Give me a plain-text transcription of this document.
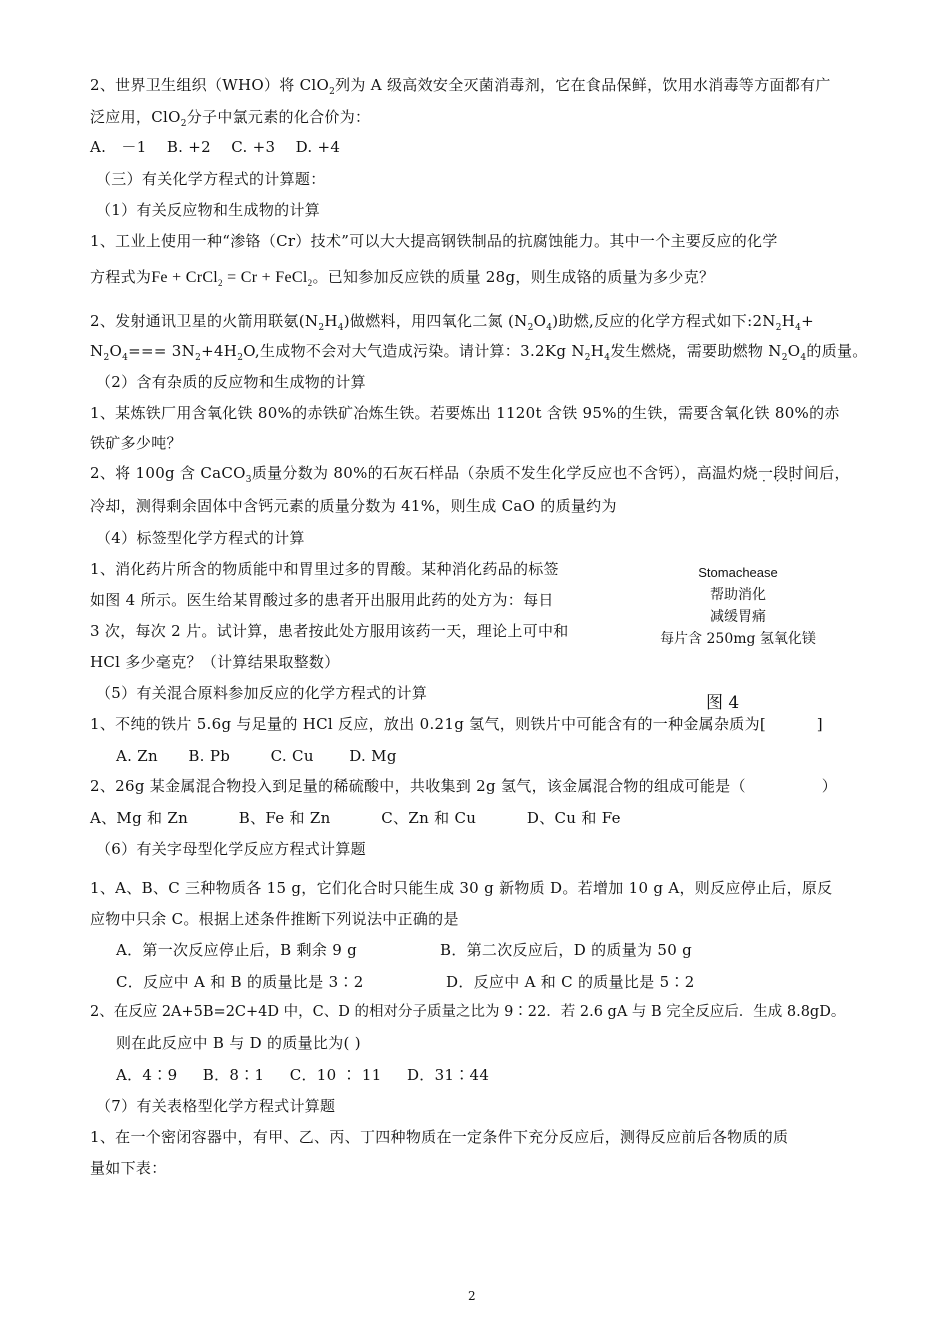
2、世界卫生组织（WHO）将 ClO$_2$列为 A 级高效安全灭菌消毒剂，它在食品保鲜，饮用水消毒等方面都有广
泛应用，ClO$_2$分子中氯元素的化合价为：
A.   －1    B. +2    C. +3    D. +4
（三）有关化学方程式的计算题：
（1）有关反应物和生成物的计算
1、工业上使用一种“渗铬（Cr）技术”可以大大提高钢铁制品的抗腐蚀能力。其中一个主要反应的化学
方程式为Fe + CrCl$_2$ = Cr + FeCl$_2$。已知参加反应铁的质量 28g，则生成铬的质量为多少克？
2、发射通讯卫星的火箭用联氨$(N_2H_4)$做燃料，用四氧化二氮 $(N_2O_4)$助燃,反应的化学方程式如下$:2N_2H_4+$
$N_2O_4=== 3N_2+4H_2O$,生成物不会对大气造成污染。请计算：3.2Kg $N_2H_4$发生燃烧，需要助燃物 $N_2O_4$的质量。
（2）含有杂质的反应物和生成物的计算
1、某炼铁厂用含氧化铁 80%的赤铁矿冶炼生铁。若要炼出 1120t 含铁 95%的生铁，需要含氧化铁 80%的赤
铁矿多少吨？
2、将 100g 含 CaCO$_3$质量分数为 80%的石灰石样品（杂质不发生化学反应也不含钙），高温灼烧一段时间 · · ·后，
冷却，测得剩余固体中含钙元素的质量分数为 41%，则生成 CaO 的质量约为
（4）标签型化学方程式的计算
1、消化药片所含的物质能中和胃里过多的胃酸。某种消化药品的标签
如图 4 所示。医生给某胃酸过多的患者开出服用此药的处方为：每日
3 次，每次 2 片。试计算，患者按此处方服用该药一天，理论上可中和
HCl 多少毫克？（计算结果取整数）
Stomachease
帮助消化
减缓胃痛
每片含 250mg 氢氧化镁
（5）有关混合原料参加反应的化学方程式的计算	图 4
1、不纯的铁片 5.6g 与足量的 HCl 反应，放出 0.21g 氢气，则铁片中可能含有的一种金属杂质为[          ]
A. Zn      B. Pb        C. Cu       D. Mg
2、26g 某金属混合物投入到足量的稀硫酸中，共收集到 2g 氢气，该金属混合物的组成可能是（               ）
A、Mg 和 Zn          B、Fe 和 Zn          C、Zn 和 Cu          D、Cu 和 Fe
（6）有关字母型化学反应方程式计算题
1、A、B、C 三种物质各 15 g，它们化合时只能生成 30 g 新物质 D。若增加 10 g A，则反应停止后，原反
应物中只余 C。根据上述条件推断下列说法中正确的是
A．第一次反应停止后，B 剩余 9 g	B．第二次反应后，D 的质量为 50 g
C．反应中 A 和 B 的质量比是 3∶2	D．反应中 A 和 C 的质量比是 5∶2
2、在反应 2A+5B=2C+4D 中，C、D 的相对分子质量之比为 9∶22．若 2.6 gA 与 B 完全反应后．生成 8.8gD。
则在此反应中 B 与 D 的质量比为( )
A．4∶9     B．8∶1     C．10 ∶ 11     D．31∶44
（7）有关表格型化学方程式计算题
1、在一个密闭容器中，有甲、乙、丙、丁四种物质在一定条件下充分反应后，测得反应前后各物质的质
量如下表：
2
